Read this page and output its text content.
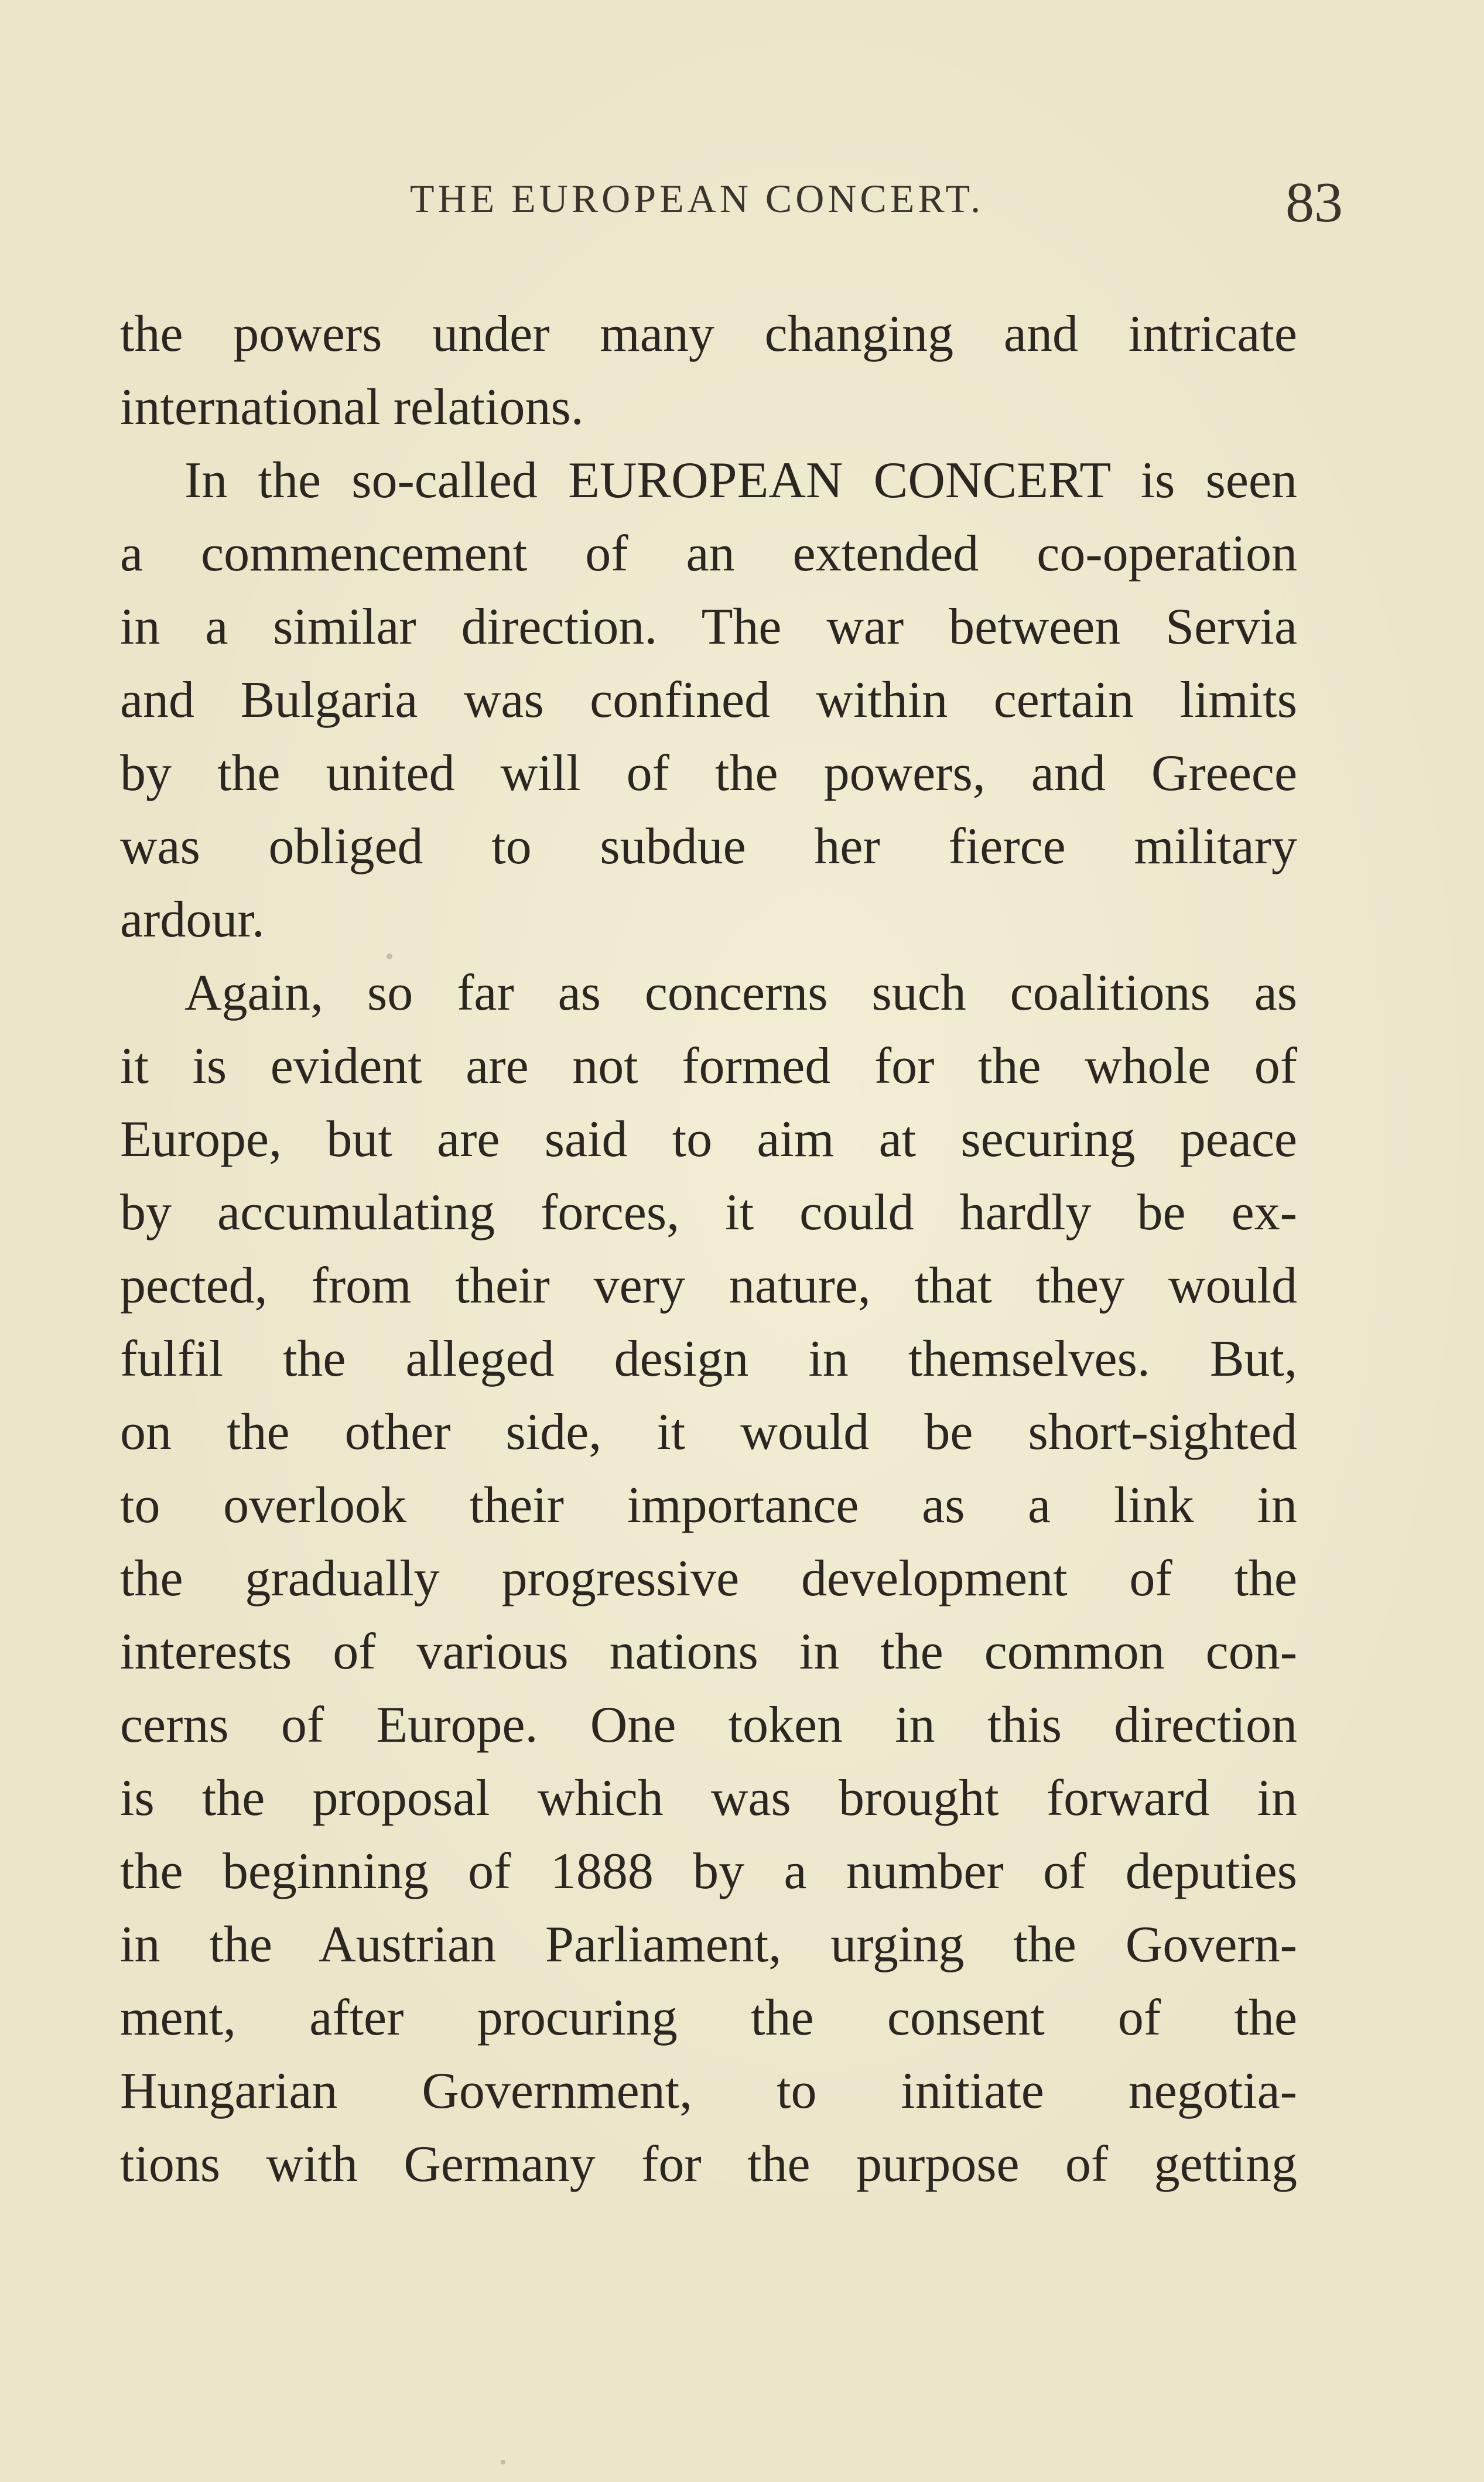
THE EUROPEAN CONCERT.	83
the powers under many changing and intricate
international relations.
In the so-called EUROPEAN CONCERT is seen
a commencement of an extended co-operation
in a similar direction. The war between Servia
and Bulgaria was confined within certain limits
by the united will of the powers, and Greece
was obliged to subdue her fierce military
ardour.
Again, so far as concerns such coalitions as
it is evident are not formed for the whole of
Europe, but are said to aim at securing peace
by accumulating forces, it could hardly be ex-
pected, from their very nature, that they would
fulfil the alleged design in themselves. But,
on the other side, it would be short-sighted
to overlook their importance as a link in
the gradually progressive development of the
interests of various nations in the common con-
cerns of Europe. One token in this direction
is the proposal which was brought forward in
the beginning of 1888 by a number of deputies
in the Austrian Parliament, urging the Govern-
ment, after procuring the consent of the
Hungarian Government, to initiate negotia-
tions with Germany for the purpose of getting
